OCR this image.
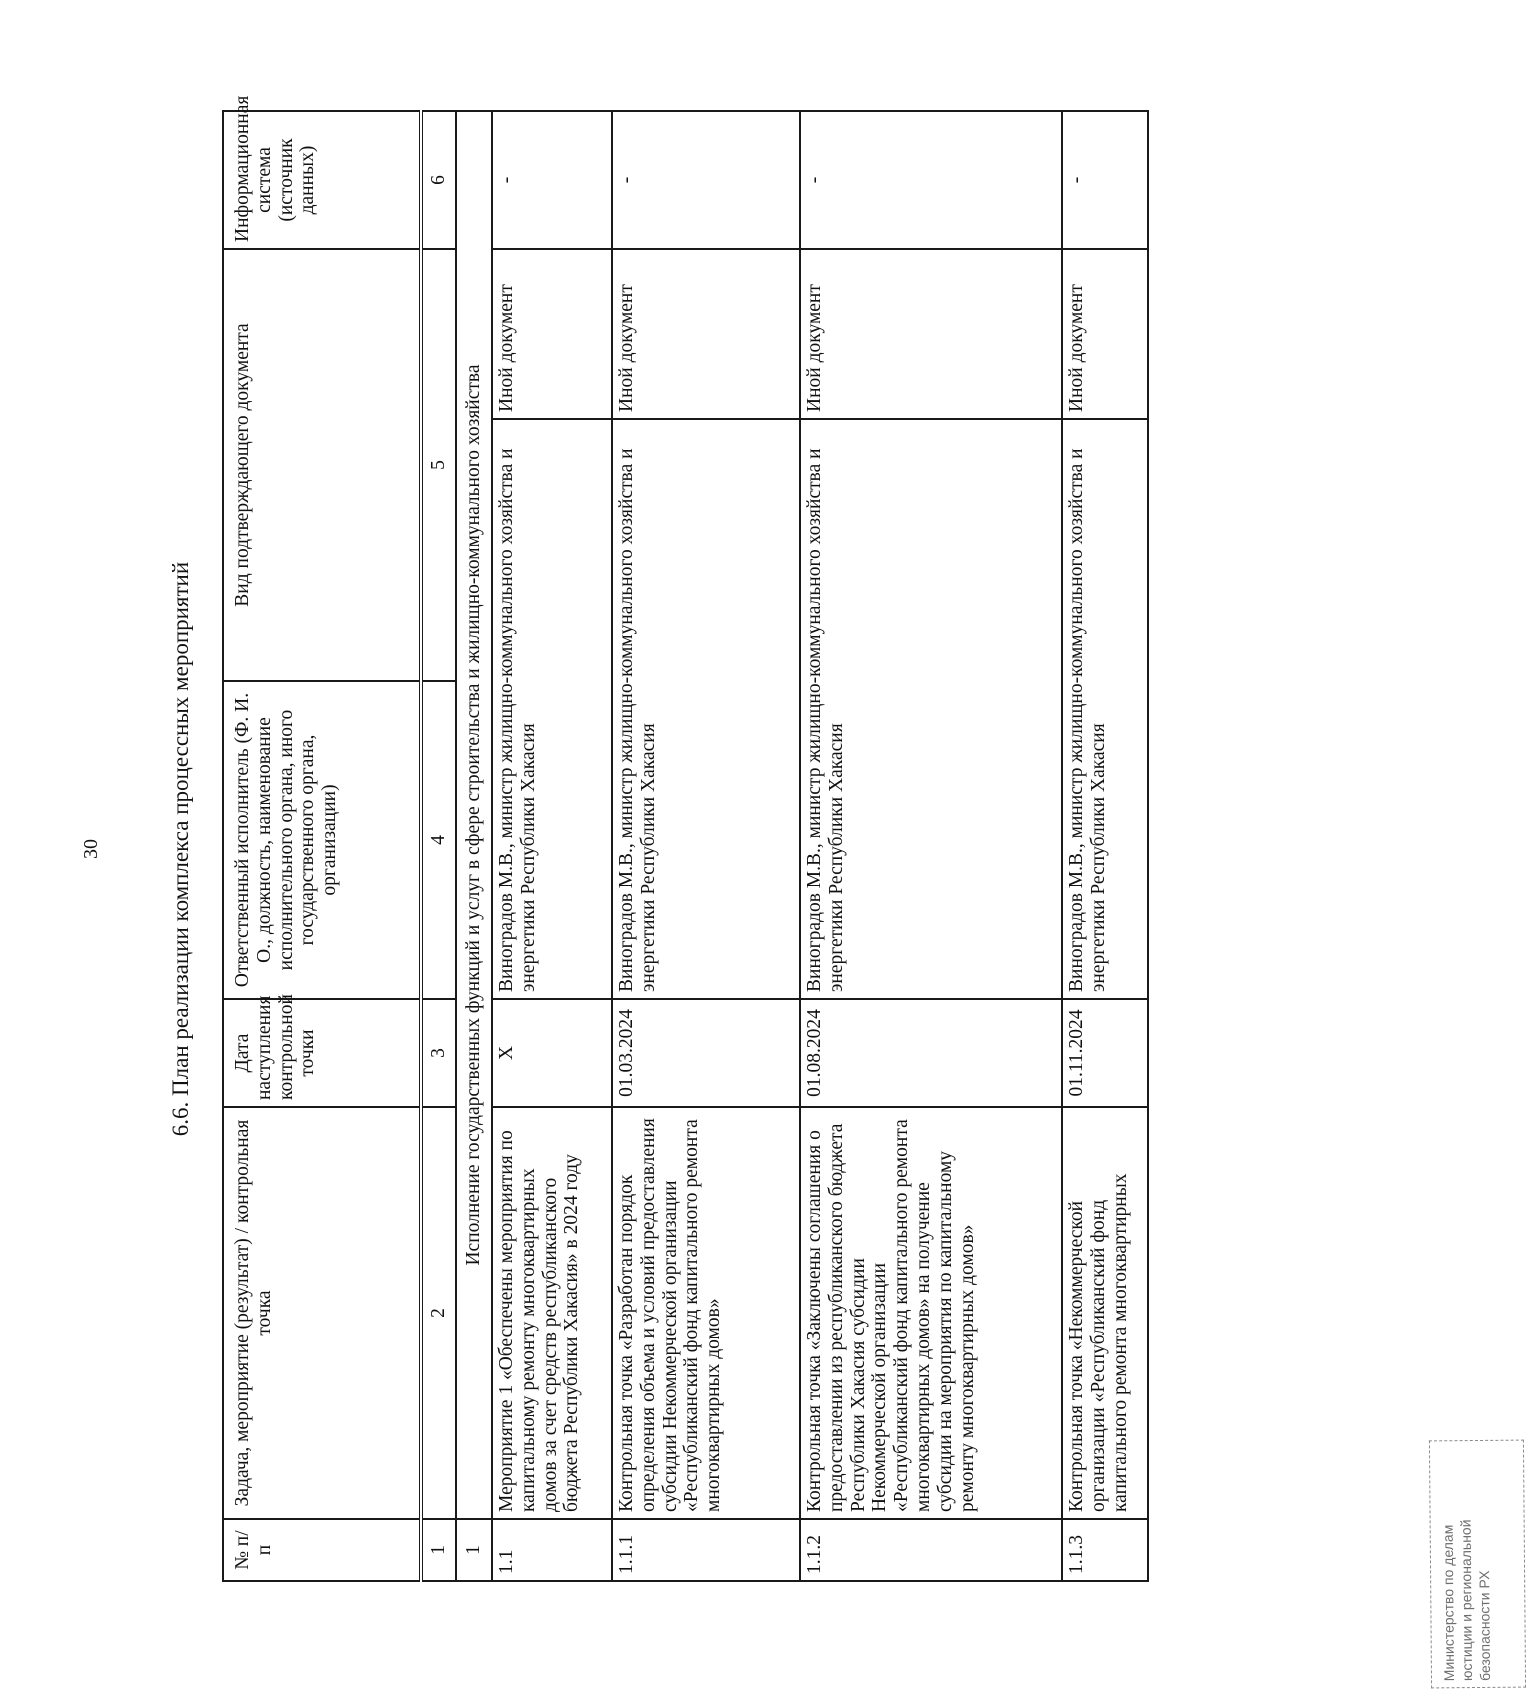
30	6.6. План реализации комплекса процессных мероприятий
№ п/п	Задача, мероприятие (результат) / контрольная точка	Дата наступления контрольной точки	Ответственный исполнитель (Ф. И. О., должность, наименование исполнительного органа, иного государственного органа, организации)	Вид подтверждающего документа		Информационная система (источник данных)
1	2	3	4	5		6
1	Исполнение государственных функций и услуг в сфере строительства и жилищно-коммунального хозяйства					
1.1	Мероприятие 1 «Обеспечены мероприятия по капитальному ремонту многоквартирных домов за счет средств республиканского бюджета Республики Хакасия» в 2024 году	X	Виноградов М.В., министр жилищно-коммунального хозяйства и энергетики Республики Хакасия		Иной документ	-
1.1.1	Контрольная точка «Разработан порядок определения объема и условий предоставления субсидии Некоммерческой организации «Республиканский фонд капитального ремонта многоквартирных домов»	01.03.2024	Виноградов М.В., министр жилищно-коммунального хозяйства и энергетики Республики Хакасия		Иной документ	-
1.1.2	Контрольная точка «Заключены соглашения о предоставлении из республиканского бюджета Республики Хакасия субсидии Некоммерческой организации «Республиканский фонд капитального ремонта многоквартирных домов» на получение субсидии на мероприятия по капитальному ремонту многоквартирных домов»	01.08.2024	Виноградов М.В., министр жилищно-коммунального хозяйства и энергетики Республики Хакасия		Иной документ	-
1.1.3	Контрольная точка «Некоммерческой организации «Республиканский фонд капитального ремонта многоквартирных	01.11.2024	Виноградов М.В., министр жилищно-коммунального хозяйства и энергетики Республики Хакасия		Иной документ	-
Министерство по делам юстиции и региональной безопасности РХ
